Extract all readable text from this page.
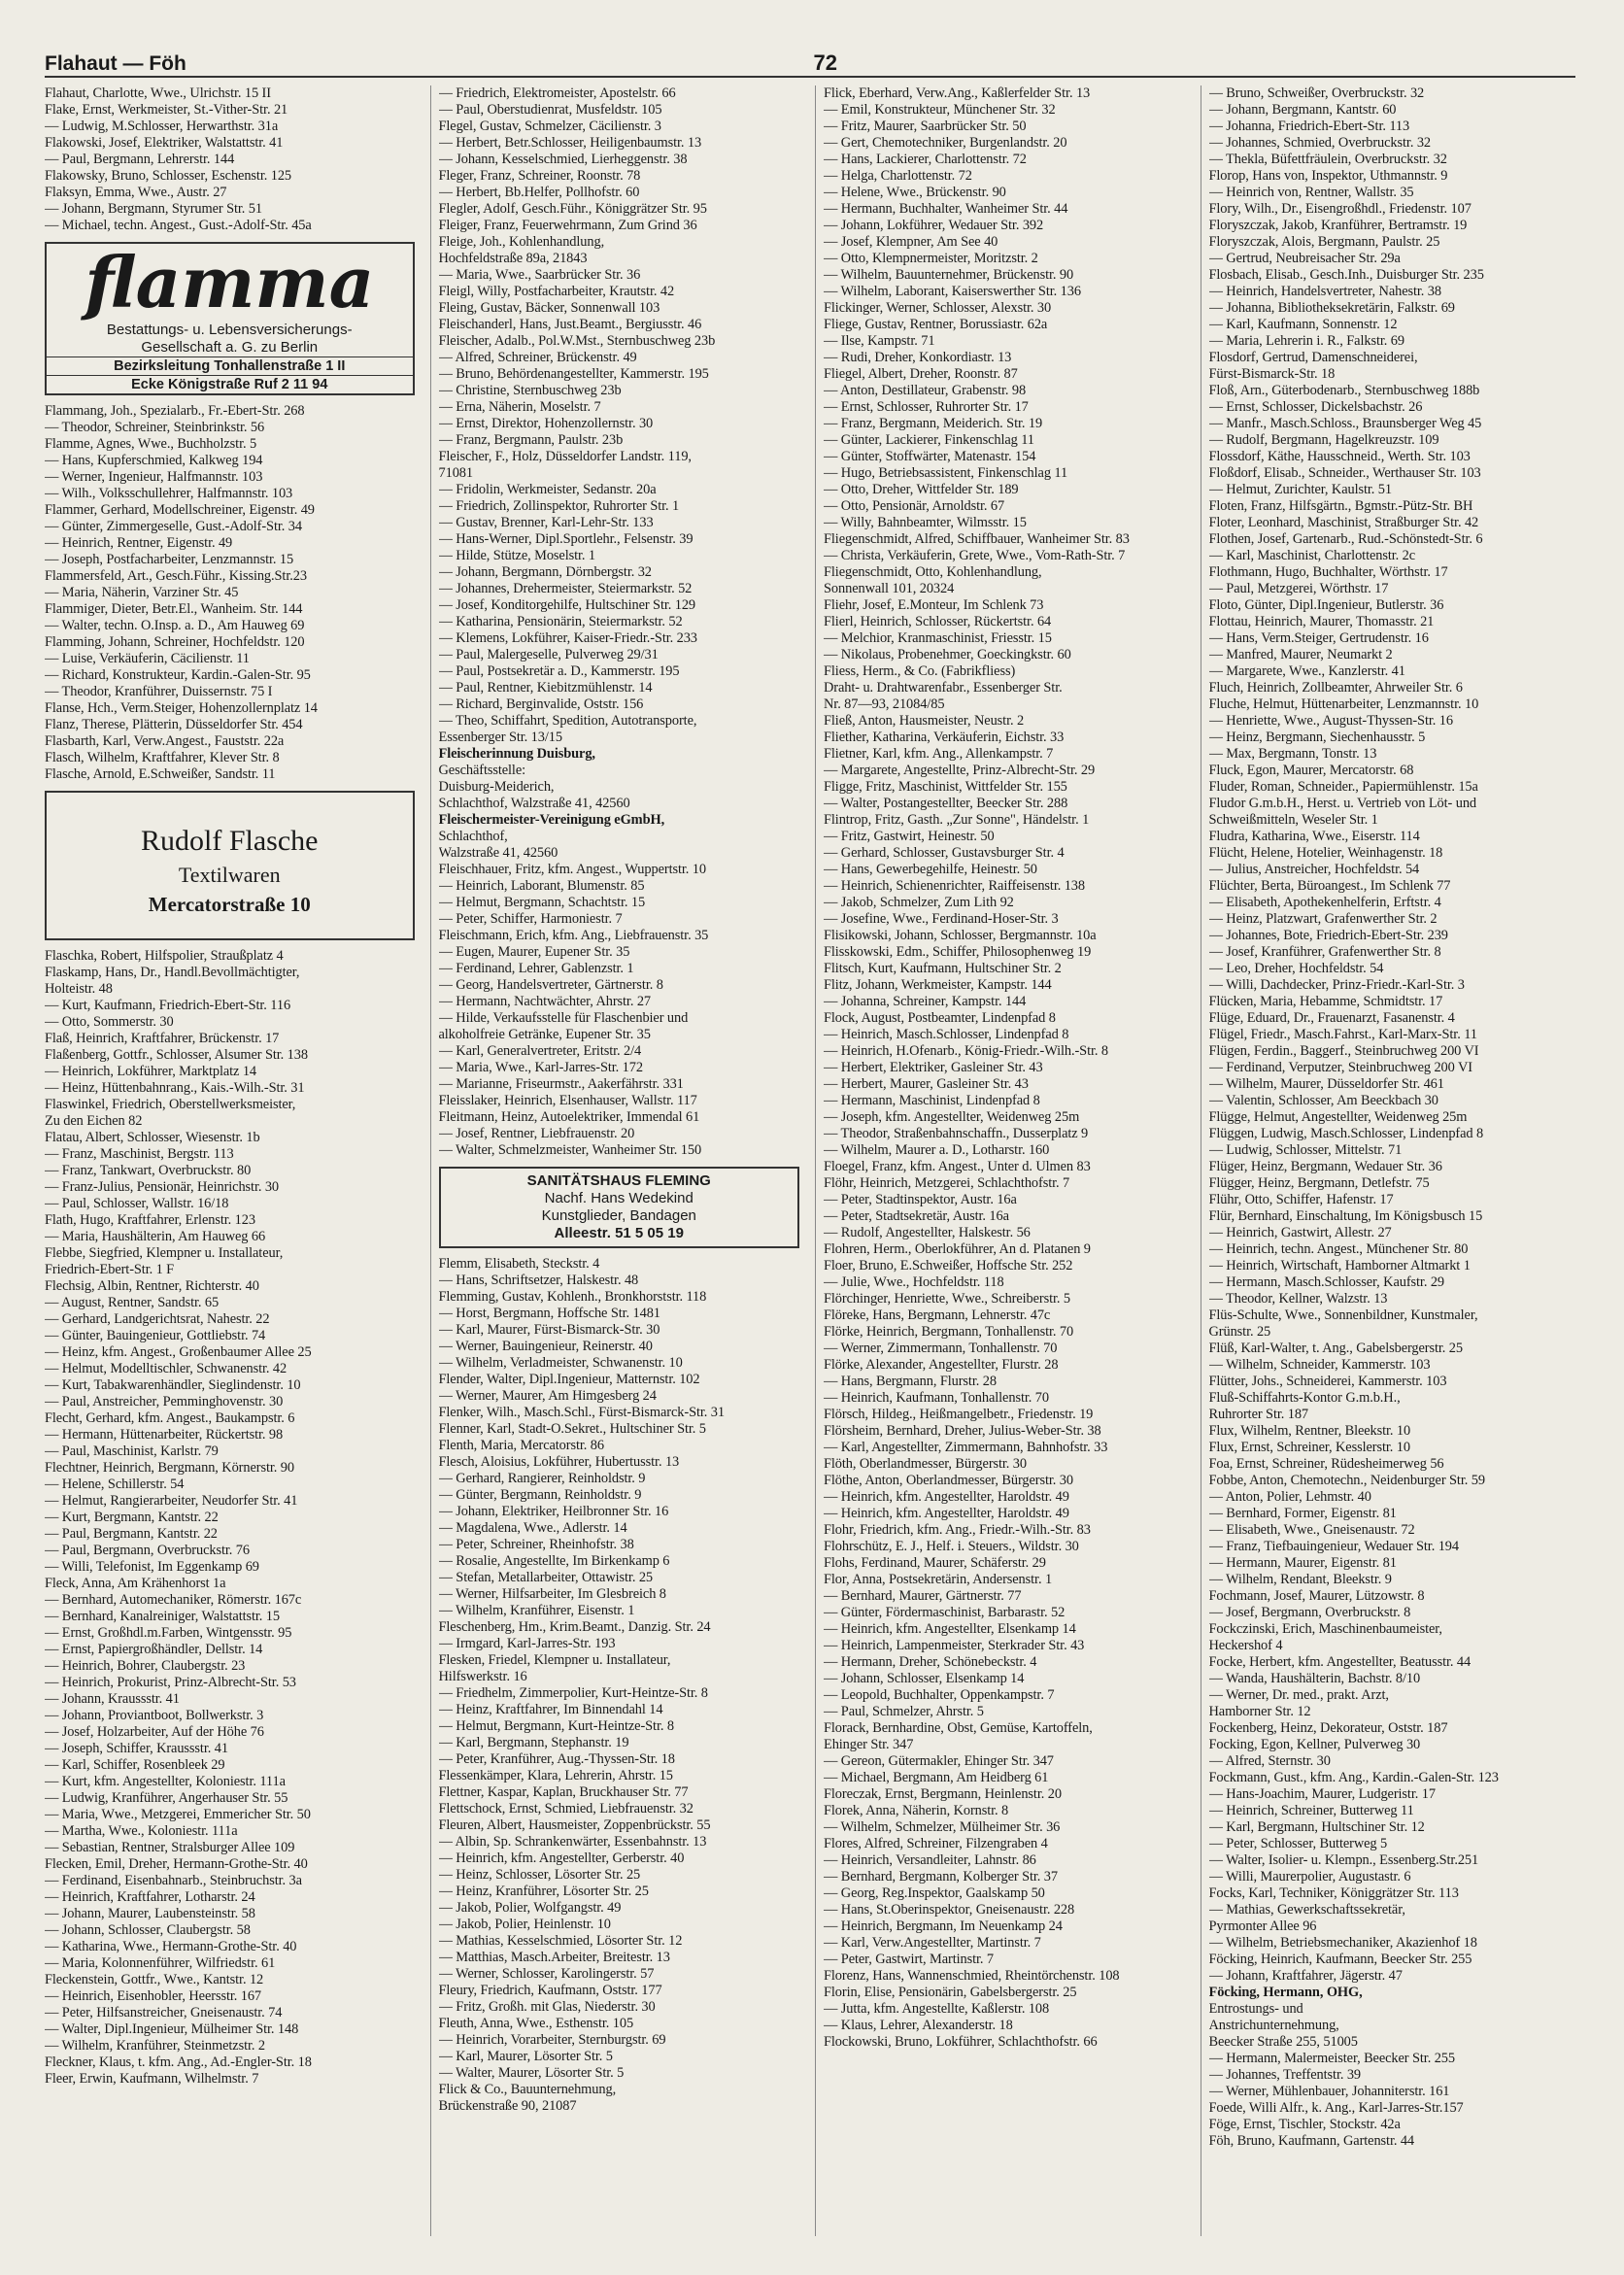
Flahaut — Föh	72
Flahaut, Charlotte, Wwe., Ulrichstr. 15 II
Flake, Ernst, Werkmeister, St.-Vither-Str. 21
— Ludwig, M.Schlosser, Herwarthstr. 31a
Flakowski, Josef, Elektriker, Walstattstr. 41
— Paul, Bergmann, Lehrerstr. 144
Flakowsky, Bruno, Schlosser, Eschenstr. 125
Flaksyn, Emma, Wwe., Austr. 27
— Johann, Bergmann, Styrumer Str. 51
— Michael, techn. Angest., Gust.-Adolf-Str. 45a
flamma
Bestattungs- u. Lebensversicherungs-
Gesellschaft a. G. zu Berlin
Bezirksleitung Tonhallenstraße 1 II
Ecke Königstraße Ruf 2 11 94
Flammang, Joh., Spezialarb., Fr.-Ebert-Str. 268
— Theodor, Schreiner, Steinbrinkstr. 56
Flamme, Agnes, Wwe., Buchholzstr. 5
— Hans, Kupferschmied, Kalkweg 194
— Werner, Ingenieur, Halfmannstr. 103
— Wilh., Volksschullehrer, Halfmannstr. 103
Flammer, Gerhard, Modellschreiner, Eigenstr. 49
— Günter, Zimmergeselle, Gust.-Adolf-Str. 34
— Heinrich, Rentner, Eigenstr. 49
— Joseph, Postfacharbeiter, Lenzmannstr. 15
Flammersfeld, Art., Gesch.Führ., Kissing.Str.23
— Maria, Näherin, Varziner Str. 45
Flammiger, Dieter, Betr.El., Wanheim. Str. 144
— Walter, techn. O.Insp. a. D., Am Hauweg 69
Flamming, Johann, Schreiner, Hochfeldstr. 120
— Luise, Verkäuferin, Cäcilienstr. 11
— Richard, Konstrukteur, Kardin.-Galen-Str. 95
— Theodor, Kranführer, Duissernstr. 75 I
Flanse, Hch., Verm.Steiger, Hohenzollernplatz 14
Flanz, Therese, Plätterin, Düsseldorfer Str. 454
Flasbarth, Karl, Verw.Angest., Fauststr. 22a
Flasch, Wilhelm, Kraftfahrer, Klever Str. 8
Flasche, Arnold, E.Schweißer, Sandstr. 11
Rudolf Flasche
Textilwaren
Mercatorstraße 10
Flaschka, Robert, Hilfspolier, Straußplatz 4
Flaskamp, Hans, Dr., Handl.Bevollmächtigter,
Holteistr. 48
— Kurt, Kaufmann, Friedrich-Ebert-Str. 116
— Otto, Sommerstr. 30
Flaß, Heinrich, Kraftfahrer, Brückenstr. 17
Flaßenberg, Gottfr., Schlosser, Alsumer Str. 138
— Heinrich, Lokführer, Marktplatz 14
— Heinz, Hüttenbahnrang., Kais.-Wilh.-Str. 31
Flaswinkel, Friedrich, Oberstellwerksmeister,
Zu den Eichen 82
Flatau, Albert, Schlosser, Wiesenstr. 1b
— Franz, Maschinist, Bergstr. 113
— Franz, Tankwart, Overbruckstr. 80
— Franz-Julius, Pensionär, Heinrichstr. 30
— Paul, Schlosser, Wallstr. 16/18
Flath, Hugo, Kraftfahrer, Erlenstr. 123
— Maria, Haushälterin, Am Hauweg 66
Flebbe, Siegfried, Klempner u. Installateur,
Friedrich-Ebert-Str. 1 F
Flechsig, Albin, Rentner, Richterstr. 40
— August, Rentner, Sandstr. 65
— Gerhard, Landgerichtsrat, Nahestr. 22
— Günter, Bauingenieur, Gottliebstr. 74
— Heinz, kfm. Angest., Großenbaumer Allee 25
— Helmut, Modelltischler, Schwanenstr. 42
— Kurt, Tabakwarenhändler, Sieglindenstr. 10
— Paul, Anstreicher, Pemminghovenstr. 30
Flecht, Gerhard, kfm. Angest., Baukampstr. 6
— Hermann, Hüttenarbeiter, Rückertstr. 98
— Paul, Maschinist, Karlstr. 79
Flechtner, Heinrich, Bergmann, Körnerstr. 90
— Helene, Schillerstr. 54
— Helmut, Rangierarbeiter, Neudorfer Str. 41
— Kurt, Bergmann, Kantstr. 22
— Paul, Bergmann, Kantstr. 22
— Paul, Bergmann, Overbruckstr. 76
— Willi, Telefonist, Im Eggenkamp 69
Fleck, Anna, Am Krähenhorst 1a
— Bernhard, Automechaniker, Römerstr. 167c
— Bernhard, Kanalreiniger, Walstattstr. 15
— Ernst, Großhdl.m.Farben, Wintgensstr. 95
— Ernst, Papiergroßhändler, Dellstr. 14
— Heinrich, Bohrer, Claubergstr. 23
— Heinrich, Prokurist, Prinz-Albrecht-Str. 53
— Johann, Kraussstr. 41
— Johann, Proviantboot, Bollwerkstr. 3
— Josef, Holzarbeiter, Auf der Höhe 76
— Joseph, Schiffer, Kraussstr. 41
— Karl, Schiffer, Rosenbleek 29
— Kurt, kfm. Angestellter, Koloniestr. 111a
— Ludwig, Kranführer, Angerhauser Str. 55
— Maria, Wwe., Metzgerei, Emmericher Str. 50
— Martha, Wwe., Koloniestr. 111a
— Sebastian, Rentner, Stralsburger Allee 109
Flecken, Emil, Dreher, Hermann-Grothe-Str. 40
— Ferdinand, Eisenbahnarb., Steinbruchstr. 3a
— Heinrich, Kraftfahrer, Lotharstr. 24
— Johann, Maurer, Laubensteinstr. 58
— Johann, Schlosser, Claubergstr. 58
— Katharina, Wwe., Hermann-Grothe-Str. 40
— Maria, Kolonnenführer, Wilfriedstr. 61
Fleckenstein, Gottfr., Wwe., Kantstr. 12
— Heinrich, Eisenhobler, Heersstr. 167
— Peter, Hilfsanstreicher, Gneisenaustr. 74
— Walter, Dipl.Ingenieur, Mülheimer Str. 148
— Wilhelm, Kranführer, Steinmetzstr. 2
Fleckner, Klaus, t. kfm. Ang., Ad.-Engler-Str. 18
Fleer, Erwin, Kaufmann, Wilhelmstr. 7
— Friedrich, Elektromeister, Apostelstr. 66
— Paul, Oberstudienrat, Musfeldstr. 105
Flegel, Gustav, Schmelzer, Cäcilienstr. 3
— Herbert, Betr.Schlosser, Heiligenbaumstr. 13
— Johann, Kesselschmied, Lierheggenstr. 38
Fleger, Franz, Schreiner, Roonstr. 78
— Herbert, Bb.Helfer, Pollhofstr. 60
Flegler, Adolf, Gesch.Führ., Königgrätzer Str. 95
Fleiger, Franz, Feuerwehrmann, Zum Grind 36
Fleige, Joh., Kohlenhandlung,
Hochfeldstraße 89a, 21843
— Maria, Wwe., Saarbrücker Str. 36
Fleigl, Willy, Postfacharbeiter, Krautstr. 42
Fleing, Gustav, Bäcker, Sonnenwall 103
Fleischanderl, Hans, Just.Beamt., Bergiusstr. 46
Fleischer, Adalb., Pol.W.Mst., Sternbuschweg 23b
— Alfred, Schreiner, Brückenstr. 49
— Bruno, Behördenangestellter, Kammerstr. 195
— Christine, Sternbuschweg 23b
— Erna, Näherin, Moselstr. 7
— Ernst, Direktor, Hohenzollernstr. 30
— Franz, Bergmann, Paulstr. 23b
Fleischer, F., Holz, Düsseldorfer Landstr. 119,
71081
— Fridolin, Werkmeister, Sedanstr. 20a
— Friedrich, Zollinspektor, Ruhrorter Str. 1
— Gustav, Brenner, Karl-Lehr-Str. 133
— Hans-Werner, Dipl.Sportlehr., Felsenstr. 39
— Hilde, Stütze, Moselstr. 1
— Johann, Bergmann, Dörnbergstr. 32
— Johannes, Drehermeister, Steiermarkstr. 52
— Josef, Konditorgehilfe, Hultschiner Str. 129
— Katharina, Pensionärin, Steiermarkstr. 52
— Klemens, Lokführer, Kaiser-Friedr.-Str. 233
— Paul, Malergeselle, Pulverweg 29/31
— Paul, Postsekretär a. D., Kammerstr. 195
— Paul, Rentner, Kiebitzmühlenstr. 14
— Richard, Berginvalide, Oststr. 156
— Theo, Schiffahrt, Spedition, Autotransporte,
Essenberger Str. 13/15
Fleischerinnung Duisburg,
Geschäftsstelle:
Duisburg-Meiderich,
Schlachthof, Walzstraße 41, 42560
Fleischermeister-Vereinigung eGmbH,
Schlachthof,
Walzstraße 41, 42560
Fleischhauer, Fritz, kfm. Angest., Wuppertstr. 10
— Heinrich, Laborant, Blumenstr. 85
— Helmut, Bergmann, Schachtstr. 15
— Peter, Schiffer, Harmoniestr. 7
Fleischmann, Erich, kfm. Ang., Liebfrauenstr. 35
— Eugen, Maurer, Eupener Str. 35
— Ferdinand, Lehrer, Gablenzstr. 1
— Georg, Handelsvertreter, Gärtnerstr. 8
— Hermann, Nachtwächter, Ahrstr. 27
— Hilde, Verkaufsstelle für Flaschenbier und
alkoholfreie Getränke, Eupener Str. 35
— Karl, Generalvertreter, Eritstr. 2/4
— Maria, Wwe., Karl-Jarres-Str. 172
— Marianne, Friseurmstr., Aakerfährstr. 331
Fleisslaker, Heinrich, Elsenhauser, Wallstr. 117
Fleitmann, Heinz, Autoelektriker, Immendal 61
— Josef, Rentner, Liebfrauenstr. 20
— Walter, Schmelzmeister, Wanheimer Str. 150
SANITÄTSHAUS FLEMING
Nachf. Hans Wedekind
Kunstglieder, Bandagen
Alleestr. 51 5 05 19
Flemm, Elisabeth, Steckstr. 4
— Hans, Schriftsetzer, Halskestr. 48
Flemming, Gustav, Kohlenh., Bronkhorststr. 118
— Horst, Bergmann, Hoffsche Str. 1481
— Karl, Maurer, Fürst-Bismarck-Str. 30
— Werner, Bauingenieur, Reinerstr. 40
— Wilhelm, Verladmeister, Schwanenstr. 10
Flender, Walter, Dipl.Ingenieur, Matternstr. 102
— Werner, Maurer, Am Himgesberg 24
Flenker, Wilh., Masch.Schl., Fürst-Bismarck-Str. 31
Flenner, Karl, Stadt-O.Sekret., Hultschiner Str. 5
Flenth, Maria, Mercatorstr. 86
Flesch, Aloisius, Lokführer, Hubertusstr. 13
— Gerhard, Rangierer, Reinholdstr. 9
— Günter, Bergmann, Reinholdstr. 9
— Johann, Elektriker, Heilbronner Str. 16
— Magdalena, Wwe., Adlerstr. 14
— Peter, Schreiner, Rheinhofstr. 38
— Rosalie, Angestellte, Im Birkenkamp 6
— Stefan, Metallarbeiter, Ottawistr. 25
— Werner, Hilfsarbeiter, Im Glesbreich 8
— Wilhelm, Kranführer, Eisenstr. 1
Fleschenberg, Hm., Krim.Beamt., Danzig. Str. 24
— Irmgard, Karl-Jarres-Str. 193
Flesken, Friedel, Klempner u. Installateur,
Hilfswerkstr. 16
— Friedhelm, Zimmerpolier, Kurt-Heintze-Str. 8
— Heinz, Kraftfahrer, Im Binnendahl 14
— Helmut, Bergmann, Kurt-Heintze-Str. 8
— Karl, Bergmann, Stephanstr. 19
— Peter, Kranführer, Aug.-Thyssen-Str. 18
Flessenkämper, Klara, Lehrerin, Ahrstr. 15
Flettner, Kaspar, Kaplan, Bruckhauser Str. 77
Flettschock, Ernst, Schmied, Liebfrauenstr. 32
Fleuren, Albert, Hausmeister, Zoppenbrückstr. 55
— Albin, Sp. Schrankenwärter, Essenbahnstr. 13
— Heinrich, kfm. Angestellter, Gerberstr. 40
— Heinz, Schlosser, Lösorter Str. 25
— Heinz, Kranführer, Lösorter Str. 25
— Jakob, Polier, Wolfgangstr. 49
— Jakob, Polier, Heinlenstr. 10
— Mathias, Kesselschmied, Lösorter Str. 12
— Matthias, Masch.Arbeiter, Breitestr. 13
— Werner, Schlosser, Karolingerstr. 57
Fleury, Friedrich, Kaufmann, Oststr. 177
— Fritz, Großh. mit Glas, Niederstr. 30
Fleuth, Anna, Wwe., Esthenstr. 105
— Heinrich, Vorarbeiter, Sternburgstr. 69
— Karl, Maurer, Lösorter Str. 5
— Walter, Maurer, Lösorter Str. 5
Flick & Co., Bauunternehmung,
Brückenstraße 90, 21087
Flick, Eberhard, Verw.Ang., Kaßlerfelder Str. 13
— Emil, Konstrukteur, Münchener Str. 32
— Fritz, Maurer, Saarbrücker Str. 50
— Gert, Chemotechniker, Burgenlandstr. 20
— Hans, Lackierer, Charlottenstr. 72
— Helga, Charlottenstr. 72
— Helene, Wwe., Brückenstr. 90
— Hermann, Buchhalter, Wanheimer Str. 44
— Johann, Lokführer, Wedauer Str. 392
— Josef, Klempner, Am See 40
— Otto, Klempnermeister, Moritzstr. 2
— Wilhelm, Bauunternehmer, Brückenstr. 90
— Wilhelm, Laborant, Kaiserswerther Str. 136
Flickinger, Werner, Schlosser, Alexstr. 30
Fliege, Gustav, Rentner, Borussiastr. 62a
— Ilse, Kampstr. 71
— Rudi, Dreher, Konkordiastr. 13
Fliegel, Albert, Dreher, Roonstr. 87
— Anton, Destillateur, Grabenstr. 98
— Ernst, Schlosser, Ruhrorter Str. 17
— Franz, Bergmann, Meiderich. Str. 19
— Günter, Lackierer, Finkenschlag 11
— Günter, Stoffwärter, Matenastr. 154
— Hugo, Betriebsassistent, Finkenschlag 11
— Otto, Dreher, Wittfelder Str. 189
— Otto, Pensionär, Arnoldstr. 67
— Willy, Bahnbeamter, Wilmsstr. 15
Fliegenschmidt, Alfred, Schiffbauer, Wanheimer Str. 83
— Christa, Verkäuferin, Grete, Wwe., Vom-Rath-Str. 7
Fliegenschmidt, Otto, Kohlenhandlung,
Sonnenwall 101, 20324
Fliehr, Josef, E.Monteur, Im Schlenk 73
Flierl, Heinrich, Schlosser, Rückertstr. 64
— Melchior, Kranmaschinist, Friesstr. 15
— Nikolaus, Probenehmer, Goeckingkstr. 60
Fliess, Herm., & Co. (Fabrikfliess)
Draht- u. Drahtwarenfabr., Essenberger Str.
Nr. 87—93, 21084/85
Fließ, Anton, Hausmeister, Neustr. 2
Fliether, Katharina, Verkäuferin, Eichstr. 33
Flietner, Karl, kfm. Ang., Allenkampstr. 7
— Margarete, Angestellte, Prinz-Albrecht-Str. 29
Fligge, Fritz, Maschinist, Wittfelder Str. 155
— Walter, Postangestellter, Beecker Str. 288
Flintrop, Fritz, Gasth. „Zur Sonne", Händelstr. 1
— Fritz, Gastwirt, Heinestr. 50
— Gerhard, Schlosser, Gustavsburger Str. 4
— Hans, Gewerbegehilfe, Heinestr. 50
— Heinrich, Schienenrichter, Raiffeisenstr. 138
— Jakob, Schmelzer, Zum Lith 92
— Josefine, Wwe., Ferdinand-Hoser-Str. 3
Flisikowski, Johann, Schlosser, Bergmannstr. 10a
Flisskowski, Edm., Schiffer, Philosophenweg 19
Flitsch, Kurt, Kaufmann, Hultschiner Str. 2
Flitz, Johann, Werkmeister, Kampstr. 144
— Johanna, Schreiner, Kampstr. 144
Flock, August, Postbeamter, Lindenpfad 8
— Heinrich, Masch.Schlosser, Lindenpfad 8
— Heinrich, H.Ofenarb., König-Friedr.-Wilh.-Str. 8
— Herbert, Elektriker, Gasleiner Str. 43
— Herbert, Maurer, Gasleiner Str. 43
— Hermann, Maschinist, Lindenpfad 8
— Joseph, kfm. Angestellter, Weidenweg 25m
— Theodor, Straßenbahnschaffn., Dusserplatz 9
— Wilhelm, Maurer a. D., Lotharstr. 160
Floegel, Franz, kfm. Angest., Unter d. Ulmen 83
Flöhr, Heinrich, Metzgerei, Schlachthofstr. 7
— Peter, Stadtinspektor, Austr. 16a
— Peter, Stadtsekretär, Austr. 16a
— Rudolf, Angestellter, Halskestr. 56
Flohren, Herm., Oberlokführer, An d. Platanen 9
Floer, Bruno, E.Schweißer, Hoffsche Str. 252
— Julie, Wwe., Hochfeldstr. 118
Flörchinger, Henriette, Wwe., Schreiberstr. 5
Flöreke, Hans, Bergmann, Lehnerstr. 47c
Flörke, Heinrich, Bergmann, Tonhallenstr. 70
— Werner, Zimmermann, Tonhallenstr. 70
Flörke, Alexander, Angestellter, Flurstr. 28
— Hans, Bergmann, Flurstr. 28
— Heinrich, Kaufmann, Tonhallenstr. 70
Flörsch, Hildeg., Heißmangelbetr., Friedenstr. 19
Flörsheim, Bernhard, Dreher, Julius-Weber-Str. 38
— Karl, Angestellter, Zimmermann, Bahnhofstr. 33
Flöth, Oberlandmesser, Bürgerstr. 30
Flöthe, Anton, Oberlandmesser, Bürgerstr. 30
— Heinrich, kfm. Angestellter, Haroldstr. 49
— Heinrich, kfm. Angestellter, Haroldstr. 49
Flohr, Friedrich, kfm. Ang., Friedr.-Wilh.-Str. 83
Flohrschütz, E. J., Helf. i. Steuers., Wildstr. 30
Flohs, Ferdinand, Maurer, Schäferstr. 29
Flor, Anna, Postsekretärin, Andersenstr. 1
— Bernhard, Maurer, Gärtnerstr. 77
— Günter, Fördermaschinist, Barbarastr. 52
— Heinrich, kfm. Angestellter, Elsenkamp 14
— Heinrich, Lampenmeister, Sterkrader Str. 43
— Hermann, Dreher, Schönebeckstr. 4
— Johann, Schlosser, Elsenkamp 14
— Leopold, Buchhalter, Oppenkampstr. 7
— Paul, Schmelzer, Ahrstr. 5
Florack, Bernhardine, Obst, Gemüse, Kartoffeln,
Ehinger Str. 347
— Gereon, Gütermakler, Ehinger Str. 347
— Michael, Bergmann, Am Heidberg 61
Floreczak, Ernst, Bergmann, Heinlenstr. 20
Florek, Anna, Näherin, Kornstr. 8
— Wilhelm, Schmelzer, Mülheimer Str. 36
Flores, Alfred, Schreiner, Filzengraben 4
— Heinrich, Versandleiter, Lahnstr. 86
— Bernhard, Bergmann, Kolberger Str. 37
— Georg, Reg.Inspektor, Gaalskamp 50
— Hans, St.Oberinspektor, Gneisenaustr. 228
— Heinrich, Bergmann, Im Neuenkamp 24
— Karl, Verw.Angestellter, Martinstr. 7
— Peter, Gastwirt, Martinstr. 7
Florenz, Hans, Wannenschmied, Rheintörchenstr. 108
Florin, Elise, Pensionärin, Gabelsbergerstr. 25
— Jutta, kfm. Angestellte, Kaßlerstr. 108
— Klaus, Lehrer, Alexanderstr. 18
Flockowski, Bruno, Lokführer, Schlachthofstr. 66
— Bruno, Schweißer, Overbruckstr. 32
— Johann, Bergmann, Kantstr. 60
— Johanna, Friedrich-Ebert-Str. 113
— Johannes, Schmied, Overbruckstr. 32
— Thekla, Büfettfräulein, Overbruckstr. 32
Florop, Hans von, Inspektor, Uthmannstr. 9
— Heinrich von, Rentner, Wallstr. 35
Flory, Wilh., Dr., Eisengroßhdl., Friedenstr. 107
Floryszczak, Jakob, Kranführer, Bertramstr. 19
Floryszczak, Alois, Bergmann, Paulstr. 25
— Gertrud, Neubreisacher Str. 29a
Flosbach, Elisab., Gesch.Inh., Duisburger Str. 235
— Heinrich, Handelsvertreter, Nahestr. 38
— Johanna, Bibliotheksekretärin, Falkstr. 69
— Karl, Kaufmann, Sonnenstr. 12
— Maria, Lehrerin i. R., Falkstr. 69
Flosdorf, Gertrud, Damenschneiderei,
Fürst-Bismarck-Str. 18
Floß, Arn., Güterbodenarb., Sternbuschweg 188b
— Ernst, Schlosser, Dickelsbachstr. 26
— Manfr., Masch.Schloss., Braunsberger Weg 45
— Rudolf, Bergmann, Hagelkreuzstr. 109
Flossdorf, Käthe, Hausschneid., Werth. Str. 103
Floßdorf, Elisab., Schneider., Werthauser Str. 103
— Helmut, Zurichter, Kaulstr. 51
Floten, Franz, Hilfsgärtn., Bgmstr.-Pütz-Str. BH
Floter, Leonhard, Maschinist, Straßburger Str. 42
Flothen, Josef, Gartenarb., Rud.-Schönstedt-Str. 6
— Karl, Maschinist, Charlottenstr. 2c
Flothmann, Hugo, Buchhalter, Wörthstr. 17
— Paul, Metzgerei, Wörthstr. 17
Floto, Günter, Dipl.Ingenieur, Butlerstr. 36
Flottau, Heinrich, Maurer, Thomasstr. 21
— Hans, Verm.Steiger, Gertrudenstr. 16
— Manfred, Maurer, Neumarkt 2
— Margarete, Wwe., Kanzlerstr. 41
Fluch, Heinrich, Zollbeamter, Ahrweiler Str. 6
Fluche, Helmut, Hüttenarbeiter, Lenzmannstr. 10
— Henriette, Wwe., August-Thyssen-Str. 16
— Heinz, Bergmann, Siechenhausstr. 5
— Max, Bergmann, Tonstr. 13
Fluck, Egon, Maurer, Mercatorstr. 68
Fluder, Roman, Schneider., Papiermühlenstr. 15a
Fludor G.m.b.H., Herst. u. Vertrieb von Löt- und
Schweißmitteln, Weseler Str. 1
Fludra, Katharina, Wwe., Eiserstr. 114
Flücht, Helene, Hotelier, Weinhagenstr. 18
— Julius, Anstreicher, Hochfeldstr. 54
Flüchter, Berta, Büroangest., Im Schlenk 77
— Elisabeth, Apothekenhelferin, Erftstr. 4
— Heinz, Platzwart, Grafenwerther Str. 2
— Johannes, Bote, Friedrich-Ebert-Str. 239
— Josef, Kranführer, Grafenwerther Str. 8
— Leo, Dreher, Hochfeldstr. 54
— Willi, Dachdecker, Prinz-Friedr.-Karl-Str. 3
Flücken, Maria, Hebamme, Schmidtstr. 17
Flüge, Eduard, Dr., Frauenarzt, Fasanenstr. 4
Flügel, Friedr., Masch.Fahrst., Karl-Marx-Str. 11
Flügen, Ferdin., Baggerf., Steinbruchweg 200 VI
— Ferdinand, Verputzer, Steinbruchweg 200 VI
— Wilhelm, Maurer, Düsseldorfer Str. 461
— Valentin, Schlosser, Am Beeckbach 30
Flügge, Helmut, Angestellter, Weidenweg 25m
Flüggen, Ludwig, Masch.Schlosser, Lindenpfad 8
— Ludwig, Schlosser, Mittelstr. 71
Flüger, Heinz, Bergmann, Wedauer Str. 36
Flügger, Heinz, Bergmann, Detlefstr. 75
Flühr, Otto, Schiffer, Hafenstr. 17
Flür, Bernhard, Einschaltung, Im Königsbusch 15
— Heinrich, Gastwirt, Allestr. 27
— Heinrich, techn. Angest., Münchener Str. 80
— Heinrich, Wirtschaft, Hamborner Altmarkt 1
— Hermann, Masch.Schlosser, Kaufstr. 29
— Theodor, Kellner, Walzstr. 13
Flüs-Schulte, Wwe., Sonnenbildner, Kunstmaler,
Grünstr. 25
Flüß, Karl-Walter, t. Ang., Gabelsbergerstr. 25
— Wilhelm, Schneider, Kammerstr. 103
Flütter, Johs., Schneiderei, Kammerstr. 103
Fluß-Schiffahrts-Kontor G.m.b.H.,
Ruhrorter Str. 187
Flux, Wilhelm, Rentner, Bleekstr. 10
Flux, Ernst, Schreiner, Kesslerstr. 10
Foa, Ernst, Schreiner, Rüdesheimerweg 56
Fobbe, Anton, Chemotechn., Neidenburger Str. 59
— Anton, Polier, Lehmstr. 40
— Bernhard, Former, Eigenstr. 81
— Elisabeth, Wwe., Gneisenaustr. 72
— Franz, Tiefbauingenieur, Wedauer Str. 194
— Hermann, Maurer, Eigenstr. 81
— Wilhelm, Rendant, Bleekstr. 9
Fochmann, Josef, Maurer, Lützowstr. 8
— Josef, Bergmann, Overbruckstr. 8
Fockczinski, Erich, Maschinenbaumeister,
Heckershof 4
Focke, Herbert, kfm. Angestellter, Beatusstr. 44
— Wanda, Haushälterin, Bachstr. 8/10
— Werner, Dr. med., prakt. Arzt,
Hamborner Str. 12
Fockenberg, Heinz, Dekorateur, Oststr. 187
Focking, Egon, Kellner, Pulverweg 30
— Alfred, Sternstr. 30
Fockmann, Gust., kfm. Ang., Kardin.-Galen-Str. 123
— Hans-Joachim, Maurer, Ludgeristr. 17
— Heinrich, Schreiner, Butterweg 11
— Karl, Bergmann, Hultschiner Str. 12
— Peter, Schlosser, Butterweg 5
— Walter, Isolier- u. Klempn., Essenberg.Str.251
— Willi, Maurerpolier, Augustastr. 6
Focks, Karl, Techniker, Königgrätzer Str. 113
— Mathias, Gewerkschaftssekretär,
Pyrmonter Allee 96
— Wilhelm, Betriebsmechaniker, Akazienhof 18
Föcking, Heinrich, Kaufmann, Beecker Str. 255
— Johann, Kraftfahrer, Jägerstr. 47
Föcking, Hermann, OHG,
Entrostungs- und
Anstrichunternehmung,
Beecker Straße 255, 51005
— Hermann, Malermeister, Beecker Str. 255
— Johannes, Treffentstr. 39
— Werner, Mühlenbauer, Johanniterstr. 161
Foede, Willi Alfr., k. Ang., Karl-Jarres-Str.157
Föge, Ernst, Tischler, Stockstr. 42a
Föh, Bruno, Kaufmann, Gartenstr. 44
